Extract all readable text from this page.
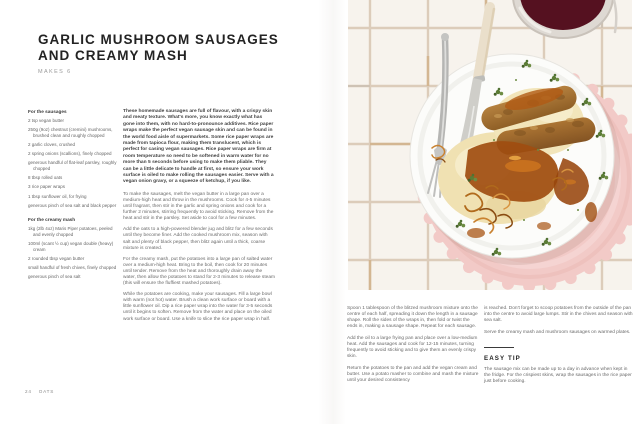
GARLIC MUSHROOM SAUSAGES
AND CREAMY MASH
MAKES 6

For the sausages

2 tsp vegan butter

250g (9oz) chestnut (cremini) mushrooms, brushed clean and roughly chopped

2 garlic cloves, crushed

2 spring onions (scallions), finely chopped

generous handful of flat-leaf parsley, roughly chopped

8 tbsp rolled oats

3 rice paper wraps

1 tbsp sunflower oil, for frying

generous pinch of sea salt and black pepper

For the creamy mash

1kg (2lb 4oz) Maris Piper potatoes, peeled and evenly chopped

100ml (scant ½ cup) vegan double (heavy) cream

2 rounded tbsp vegan butter

small handful of fresh chives, finely chopped

generous pinch of sea salt

These homemade sausages are full of flavour, with a crispy skin and meaty texture. What's more, you know exactly what has gone into them, with no hard-to-pronounce additives. Rice paper wraps make the perfect vegan sausage skin and can be found in the world food aisle of supermarkets. Some rice paper wraps are made from tapioca flour, making them translucent, which is perfect for casing vegan sausages. Rice paper wraps are firm at room temperature so need to be softened in warm water for no more than 5 seconds before using to make them pliable. They can be a little delicate to handle at first, so ensure your work surface is oiled to make rolling the sausages easier. Serve with a vegan onion gravy, or a squeeze of ketchup, if you like.

To make the sausages, melt the vegan butter in a large pan over a medium-high heat and throw in the mushrooms. Cook for 4-5 minutes until fragrant, then stir in the garlic and spring onions and cook for a further 2 minutes, stirring frequently to avoid sticking. Remove from the heat and stir in the parsley. Set aside to cool for a few minutes.

Add the oats to a high-powered blender jug and blitz for a few seconds until they become finer. Add the cooked mushroom mix, season with salt and plenty of black pepper, then blitz again until a thick, coarse mixture is created.

For the creamy mash, put the potatoes into a large pan of salted water over a medium-high heat. Bring to the boil, then cook for 20 minutes until tender. Remove from the heat and thoroughly drain away the water, then allow the potatoes to stand for 2-3 minutes to release steam (this will ensure the fluffiest mashed potatoes).

While the potatoes are cooking, make your sausages. Fill a large bowl with warm (not hot) water. Brush a clean work surface or board with a little sunflower oil. Dip a rice paper wrap into the water for 3-5 seconds until it begins to soften. Remove from the water and place on the oiled work surface or board. Use a knife to slice the rice paper wrap in half.

24 OATS

Spoon 1 tablespoon of the blitzed mushroom mixture onto the centre of each half, spreading it down the length in a sausage shape. Roll the sides of the wraps in, then fold or twist the ends in, making a sausage shape. Repeat for each sausage.

Add the oil to a large frying pan and place over a low-medium heat. Add the sausages and cook for 12-15 minutes, turning frequently to avoid sticking and to give them an evenly crispy skin.

Return the potatoes to the pan and add the vegan cream and butter. Use a potato masher to combine and mash the mixture until your desired consistency

is reached. Don't forget to scoop potatoes from the outside of the pan into the centre to avoid large lumps. Stir in the chives and season with sea salt.

Serve the creamy mash and mushroom sausages on warmed plates.

EASY TIP

The sausage mix can be made up to a day in advance when kept in the fridge. For the crispiest skins, wrap the sausages in the rice paper just before cooking.
